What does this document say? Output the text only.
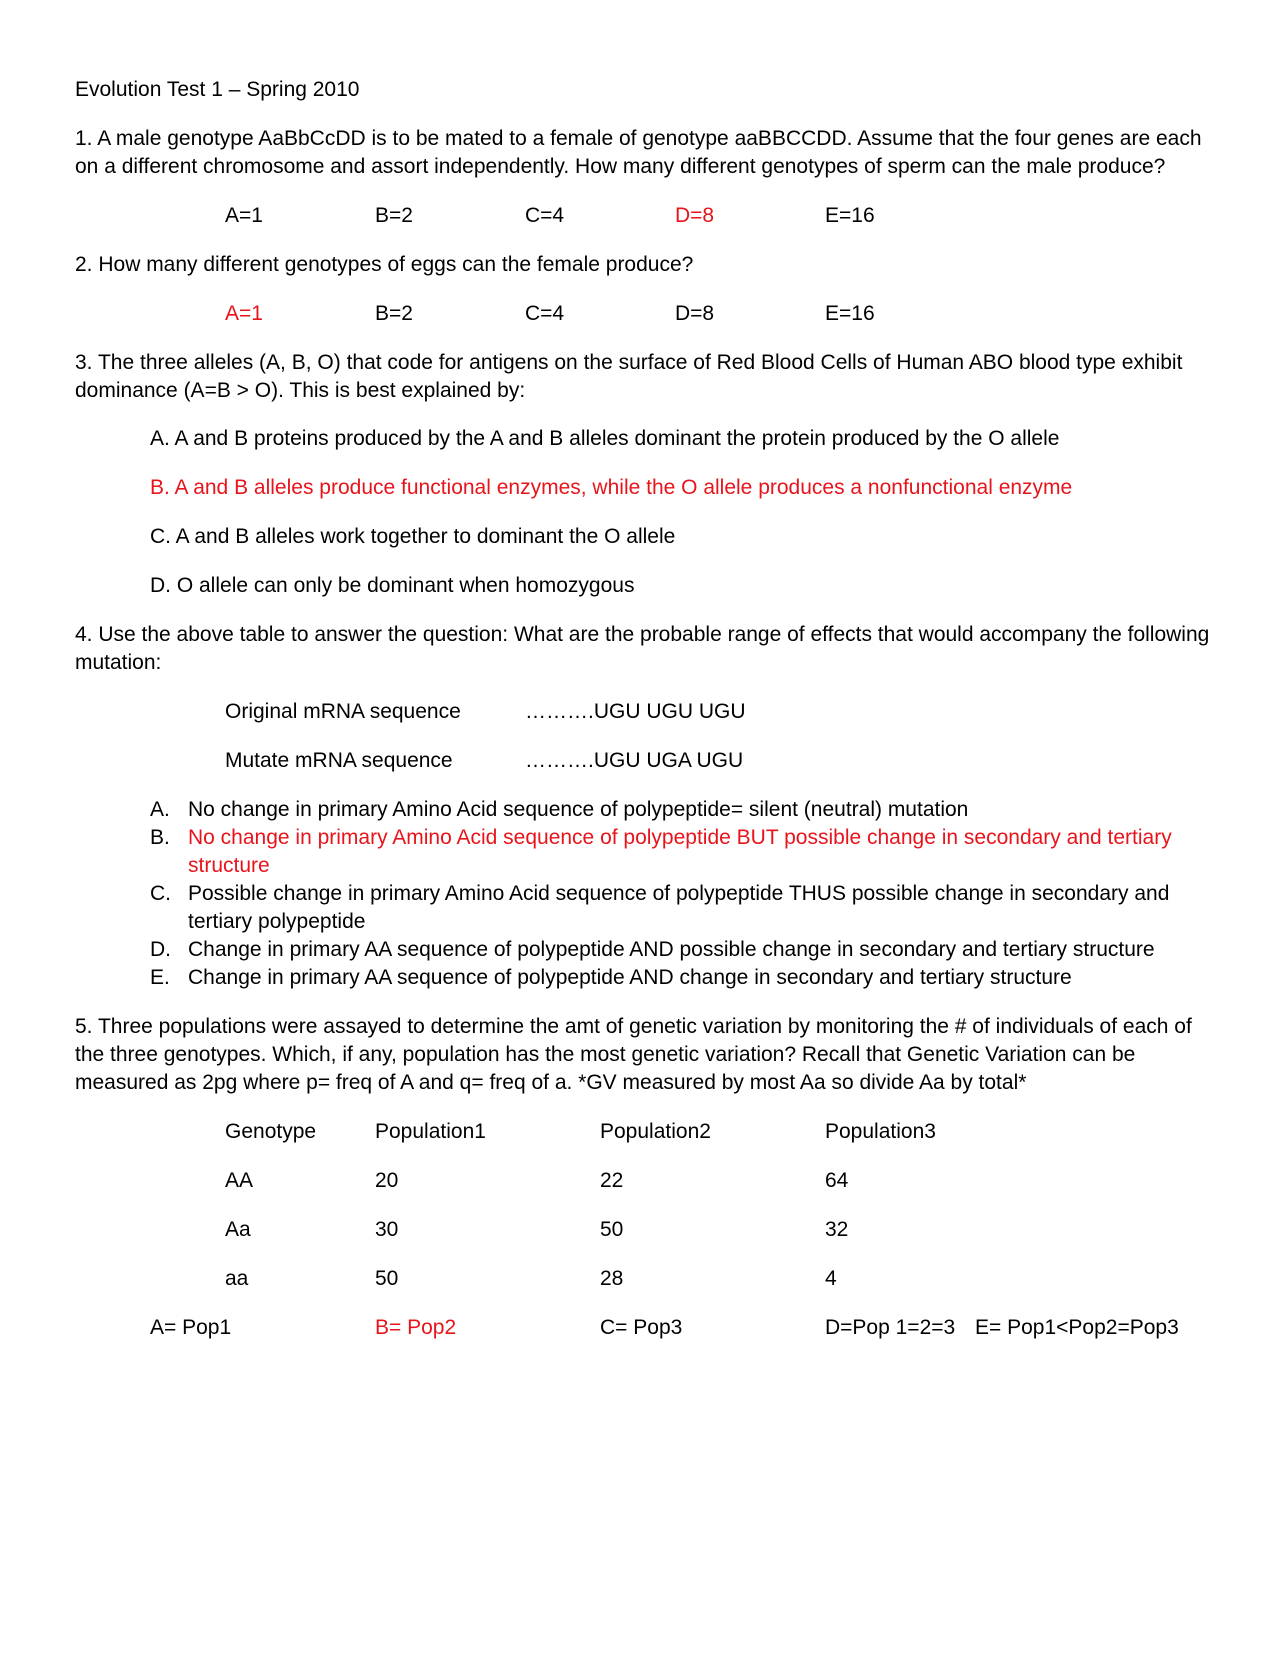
Evolution Test 1 – Spring 2010
1. A male genotype AaBbCcDD is to be mated to a female of genotype aaBBCCDD. Assume that the four genes are each on a different chromosome and assort independently. How many different genotypes of sperm can the male produce?
A=1	B=2	C=4	D=8	E=16
2. How many different genotypes of eggs can the female produce?
A=1	B=2	C=4	D=8	E=16
3. The three alleles (A, B, O) that code for antigens on the surface of Red Blood Cells of Human ABO blood type exhibit dominance (A=B > O). This is best explained by:
A. A and B proteins produced by the A and B alleles dominant the protein produced by the O allele
B. A and B alleles produce functional enzymes, while the O allele produces a nonfunctional enzyme
C. A and B alleles work together to dominant the O allele
D. O allele can only be dominant when homozygous
4. Use the above table to answer the question: What are the probable range of effects that would accompany the following mutation:
Original mRNA sequence	……….UGU UGU UGU
Mutate mRNA sequence	……….UGU UGA UGU
A. No change in primary Amino Acid sequence of polypeptide= silent (neutral) mutation
B. No change in primary Amino Acid sequence of polypeptide BUT possible change in secondary and tertiary structure
C. Possible change in primary Amino Acid sequence of polypeptide THUS possible change in secondary and tertiary polypeptide
D. Change in primary AA sequence of polypeptide AND possible change in secondary and tertiary structure
E. Change in primary AA sequence of polypeptide AND change in secondary and tertiary structure
5. Three populations were assayed to determine the amt of genetic variation by monitoring the # of individuals of each of the three genotypes. Which, if any, population has the most genetic variation? Recall that Genetic Variation can be measured as 2pg where p= freq of A and q= freq of a. *GV measured by most Aa so divide Aa by total*
Genotype	Population1	Population2	Population3
AA	20	22	64
Aa	30	50	32
aa	50	28	4
A= Pop1	B= Pop2	C= Pop3	D=Pop 1=2=3 E= Pop1<Pop2=Pop3
